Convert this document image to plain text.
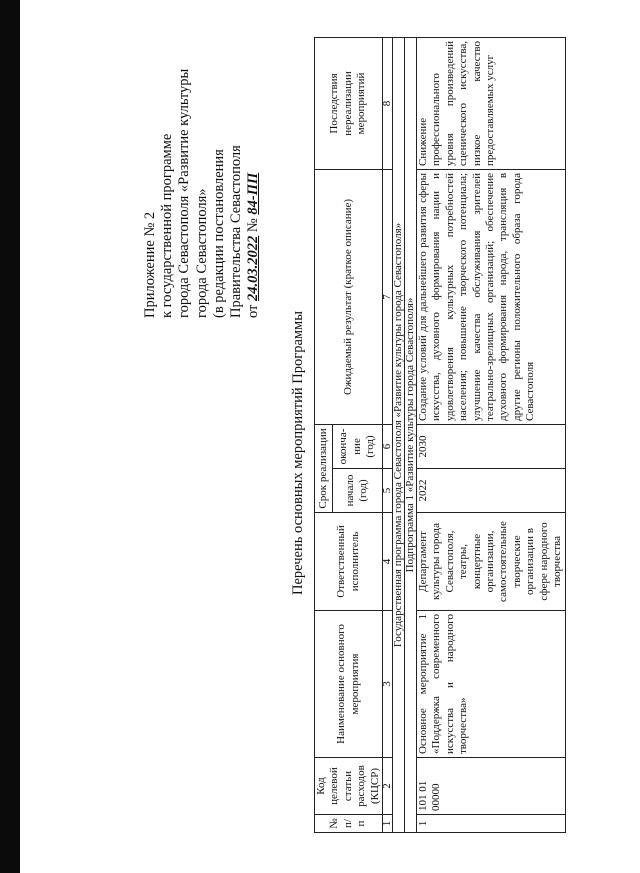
Приложение № 2 к государственной программе города Севастополя «Развитие культуры города Севастополя» (в редакции постановления Правительства Севастополя от 24.03.2022 № 84-ПП
Перечень основных мероприятий Программы
№ п/п	Код целевой статьи расходов (КЦСР)	Наименование основного мероприятия	Ответственный исполнитель	Срок реализации		Ожидаемый результат (краткое описание)	Последствия нереализации мероприятий
				начало (год)	оконча-ние (год)		
1	2	3	4	5	6	7	8
Государственная программа города Севастополя «Развитие культуры города Севастополя»							
Подпрограмма 1 «Развитие культуры города Севастополя»							
1	101 01 00000	Основное мероприятие 1 «Поддержка современного искусства и народного творчества»	Департамент культуры города Севастополя, театры, концертные организации, самостоятельные творческие организации в сфере народного творчества	2022	2030	Создание условий для дальнейшего развития сферы искусства, духовного формирования нации и удовлетворения культурных потребностей населения; повышение творческого потенциала; улучшение качества обслуживания зрителей театрально-зрелищных организаций; обеспечение духовного формирования народа, трансляция в другие регионы положительного образа города Севастополя	Снижение профессионального уровня произведений сценического искусства, низкое качество предоставляемых услуг
